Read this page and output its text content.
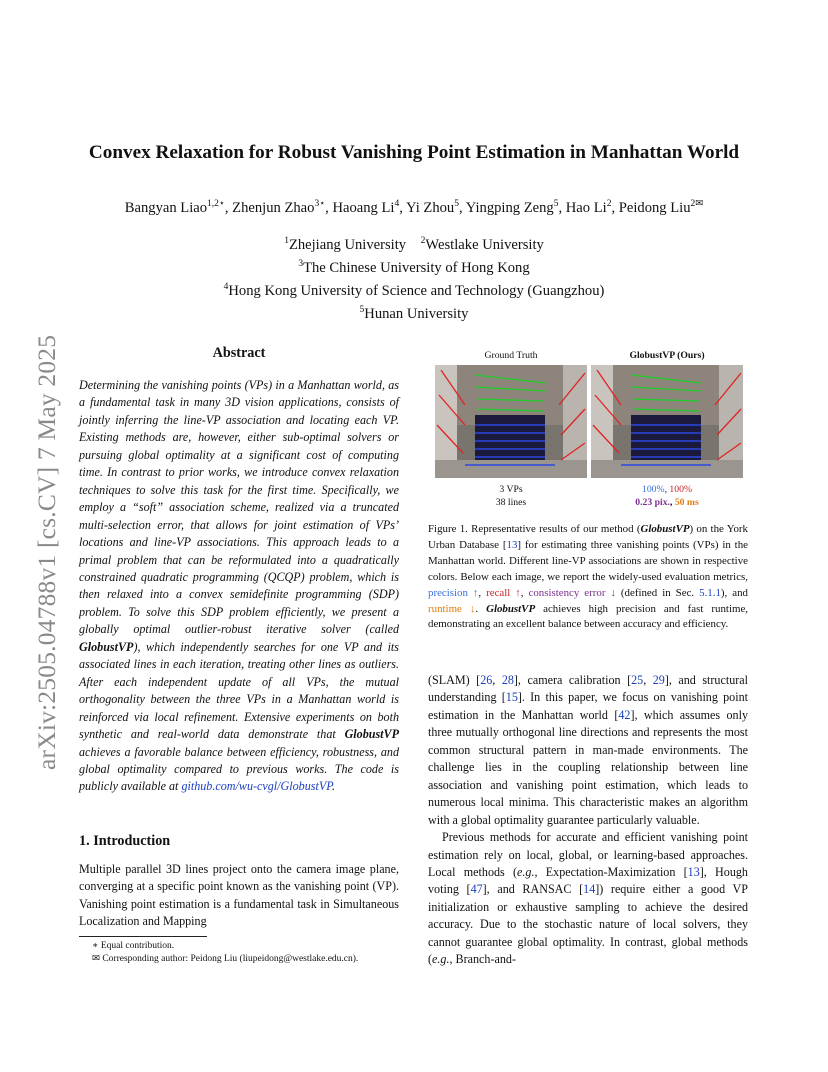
arXiv:2505.04788v1 [cs.CV] 7 May 2025
Convex Relaxation for Robust Vanishing Point Estimation in Manhattan World
Bangyan Liao$^{1,2⋆}$, Zhenjun Zhao$^{3⋆}$, Haoang Li$^4$, Yi Zhou$^5$, Yingping Zeng$^5$, Hao Li$^2$, Peidong Liu$^{2✉}$
$^1$Zhejiang University $^2$Westlake University
$^3$The Chinese University of Hong Kong
$^4$Hong Kong University of Science and Technology (Guangzhou)
$^5$Hunan University
Abstract

Determining the vanishing points (VPs) in a Manhattan world, as a fundamental task in many 3D vision applications, consists of jointly inferring the line-VP association and locating each VP. Existing methods are, however, either sub-optimal solvers or pursuing global optimality at a significant cost of computing time. In contrast to prior works, we introduce convex relaxation techniques to solve this task for the first time. Specifically, we employ a “soft” association scheme, realized via a truncated multi-selection error, that allows for joint estimation of VPs’ locations and line-VP associations. This approach leads to a primal problem that can be reformulated into a quadratically constrained quadratic programming (QCQP) problem, which is then relaxed into a convex semidefinite programming (SDP) problem. To solve this SDP problem efficiently, we present a globally optimal outlier-robust iterative solver (called GlobustVP), which independently searches for one VP and its associated lines in each iteration, treating other lines as outliers. After each independent update of all VPs, the mutual orthogonality between the three VPs in a Manhattan world is reinforced via local refinement. Extensive experiments on both synthetic and real-world data demonstrate that GlobustVP achieves a favorable balance between efficiency, robustness, and global optimality compared to previous works. The code is publicly available at github.com/wu-cvgl/GlobustVP.

1. Introduction

Multiple parallel 3D lines project onto the camera image plane, converging at a specific point known as the vanishing point (VP). Vanishing point estimation is a fundamental task in Simultaneous Localization and Mapping

∗ Equal contribution.
✉ Corresponding author: Peidong Liu (liupeidong@westlake.edu.cn).
Ground Truth	GlobustVP (Ours)
3 VPs
38 lines
100%, 100%
0.23 pix., 50 ms

Figure 1. Representative results of our method (GlobustVP) on the York Urban Database [13] for estimating three vanishing points (VPs) in the Manhattan world. Different line-VP associations are shown in respective colors. Below each image, we report the widely-used evaluation metrics, precision ↑, recall ↑, consistency error ↓ (defined in Sec. 5.1.1), and runtime ↓. GlobustVP achieves high precision and fast runtime, demonstrating an excellent balance between accuracy and efficiency.

(SLAM) [26, 28], camera calibration [25, 29], and structural understanding [15]. In this paper, we focus on vanishing point estimation in the Manhattan world [42], which assumes only three mutually orthogonal line directions and represents the most common structural pattern in man-made environments. The challenge lies in the coupling relationship between line association and vanishing point estimation, which leads to numerous local minima. This characteristic makes an algorithm with a global optimality guarantee particularly valuable.

Previous methods for accurate and efficient vanishing point estimation rely on local, global, or learning-based approaches. Local methods (e.g., Expectation-Maximization [13], Hough voting [47], and RANSAC [14]) require either a good VP initialization or exhaustive sampling to achieve the desired accuracy. Due to the stochastic nature of local solvers, they cannot guarantee global optimality. In contrast, global methods (e.g., Branch-and-
